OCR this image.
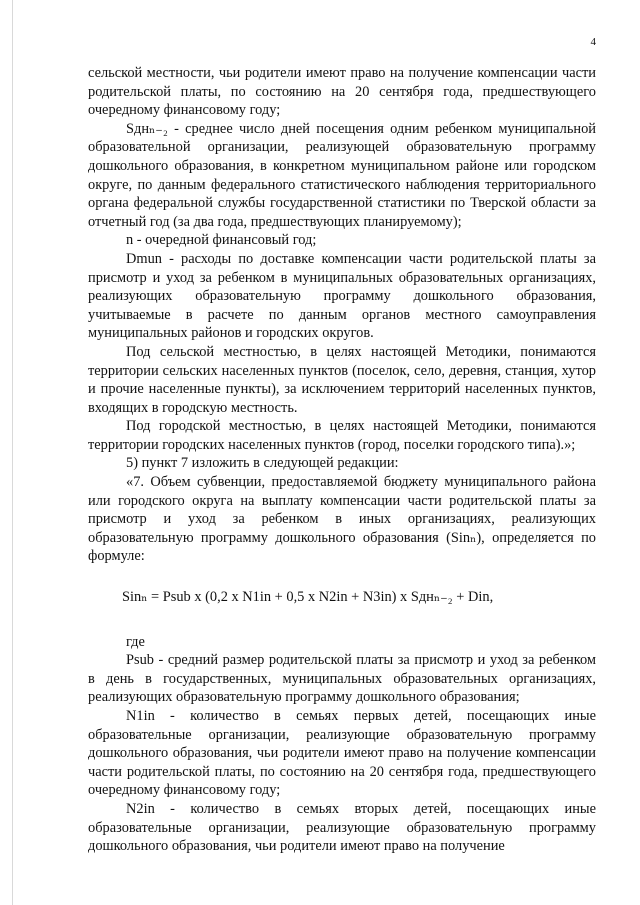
4

сельской местности, чьи родители имеют право на получение компенсации части родительской платы, по состоянию на 20 сентября года, предшествующего очередному финансовому году;

Sднₙ₋₂ - среднее число дней посещения одним ребенком муниципальной образовательной организации, реализующей образовательную программу дошкольного образования, в конкретном муниципальном районе или городском округе, по данным федерального статистического наблюдения территориального органа федеральной службы государственной статистики по Тверской области за отчетный год (за два года, предшествующих планируемому);

n - очередной финансовый год;

Dmun - расходы по доставке компенсации части родительской платы за присмотр и уход за ребенком в муниципальных образовательных организациях, реализующих образовательную программу дошкольного образования, учитываемые в расчете по данным органов местного самоуправления муниципальных районов и городских округов.

Под сельской местностью, в целях настоящей Методики, понимаются территории сельских населенных пунктов (поселок, село, деревня, станция, хутор и прочие населенные пункты), за исключением территорий населенных пунктов, входящих в городскую местность.

Под городской местностью, в целях настоящей Методики, понимаются территории городских населенных пунктов (город, поселки городского типа).»;

5) пункт 7 изложить в следующей редакции:

«7. Объем субвенции, предоставляемой бюджету муниципального района или городского округа на выплату компенсации части родительской платы за присмотр и уход за ребенком в иных организациях, реализующих образовательную программу дошкольного образования (Sinₙ), определяется по формуле:

Sinₙ = Psub x (0,2 x N1in + 0,5 x N2in + N3in) x Sднₙ₋₂ + Din,

где

Psub - средний размер родительской платы за присмотр и уход за ребенком в день в государственных, муниципальных образовательных организациях, реализующих образовательную программу дошкольного образования;

N1in - количество в семьях первых детей, посещающих иные образовательные организации, реализующие образовательную программу дошкольного образования, чьи родители имеют право на получение компенсации части родительской платы, по состоянию на 20 сентября года, предшествующего очередному финансовому году;

N2in - количество в семьях вторых детей, посещающих иные образовательные организации, реализующие образовательную программу дошкольного образования, чьи родители имеют право на получение
